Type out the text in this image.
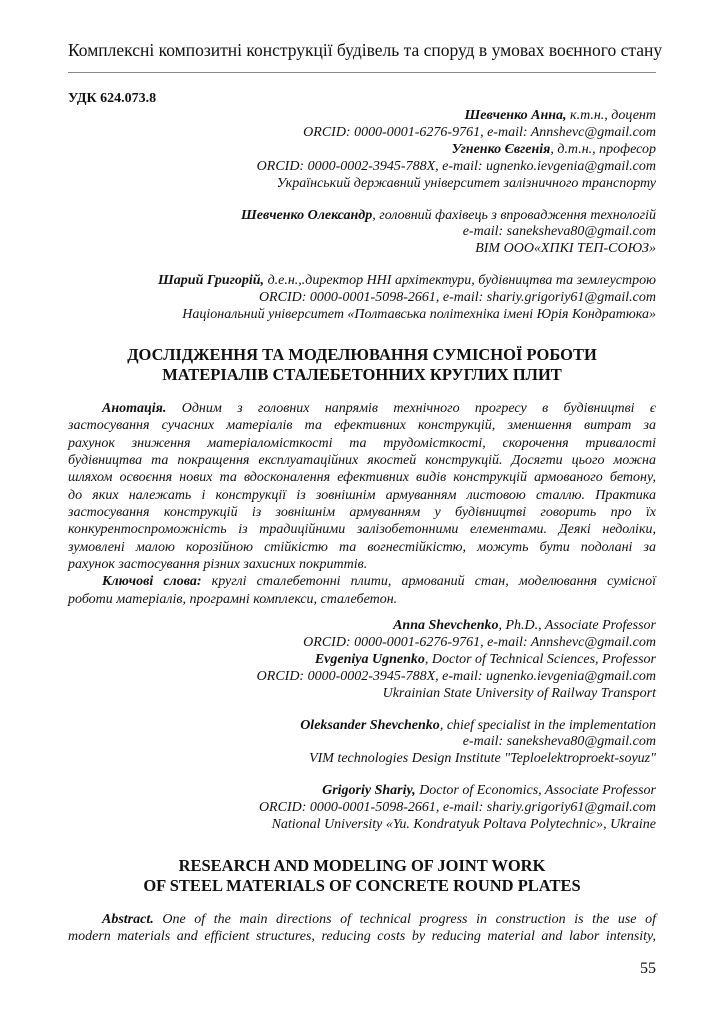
Комплексні композитні конструкції будівель та споруд в умовах воєнного стану
УДК 624.073.8
Шевченко Анна, к.т.н., доцент
ORCID: 0000-0001-6276-9761, e-mail: Annshevc@gmail.com
Угненко Євгенія, д.т.н., професор
ORCID: 0000-0002-3945-788X, e-mail: ugnenko.ievgenia@gmail.com
Український державний університет залізничного транспорту
Шевченко Олександр, головний фахівець з впровадження технологій
e-mail: saneksheva80@gmail.com
ВІМ ООО«ХПКІ ТЕП-СОЮЗ»
Шарий Григорій, д.е.н.,.директор ННІ архітектури, будівництва та землеустрою
ORCID: 0000-0001-5098-2661, e-mail: shariy.grigoriy61@gmail.com
Національний університет «Полтавська політехніка імені Юрія Кондратюка»
ДОСЛІДЖЕННЯ ТА МОДЕЛЮВАННЯ СУМІСНОЇ РОБОТИ
МАТЕРІАЛІВ СТАЛЕБЕТОННИХ КРУГЛИХ ПЛИТ
Анотація. Одним з головних напрямів технічного прогресу в будівництві є
застосування сучасних матеріалів та ефективних конструкцій, зменшення витрат за
рахунок зниження матеріаломісткості та трудомісткості, скорочення тривалості
будівництва та покращення експлуатаційних якостей конструкцій. Досягти цього можна
шляхом освоєння нових та вдосконалення ефективних видів конструкцій армованого бетону,
до яких належать і конструкції із зовнішнім армуванням листовою сталлю. Практика
застосування конструкцій із зовнішнім армуванням у будівництві говорить про їх
конкурентоспроможність із традиційними залізобетонними елементами. Деякі недоліки,
зумовлені малою корозійною стійкістю та вогнестійкістю, можуть бути подолані за
рахунок застосування різних захисних покриттів.
Ключові слова: круглі сталебетонні плити, армований стан, моделювання сумісної
роботи матеріалів, програмні комплекси, сталебетон.
Anna Shevchenko, Ph.D., Associate Professor
ORCID: 0000-0001-6276-9761, e-mail: Annshevc@gmail.com
Evgeniya Ugnenko, Doctor of Technical Sciences, Professor
ORCID: 0000-0002-3945-788X, e-mail: ugnenko.ievgenia@gmail.com
Ukrainian State University of Railway Transport
Oleksander Shevchenko, chief specialist in the implementation
e-mail: saneksheva80@gmail.com
VIM technologies Design Institute "Teploelektroproekt-soyuz"
Grigoriy Shariy, Doctor of Economics, Associate Professor
ORCID: 0000-0001-5098-2661, e-mail: shariy.grigoriy61@gmail.com
National University «Yu. Kondratyuk Poltava Polytechnic», Ukraine
RESEARCH AND MODELING OF JOINT WORK
OF STEEL MATERIALS OF CONCRETE ROUND PLATES
Abstract. One of the main directions of technical progress in construction is the use of
modern materials and efficient structures, reducing costs by reducing material and labor intensity,
55
